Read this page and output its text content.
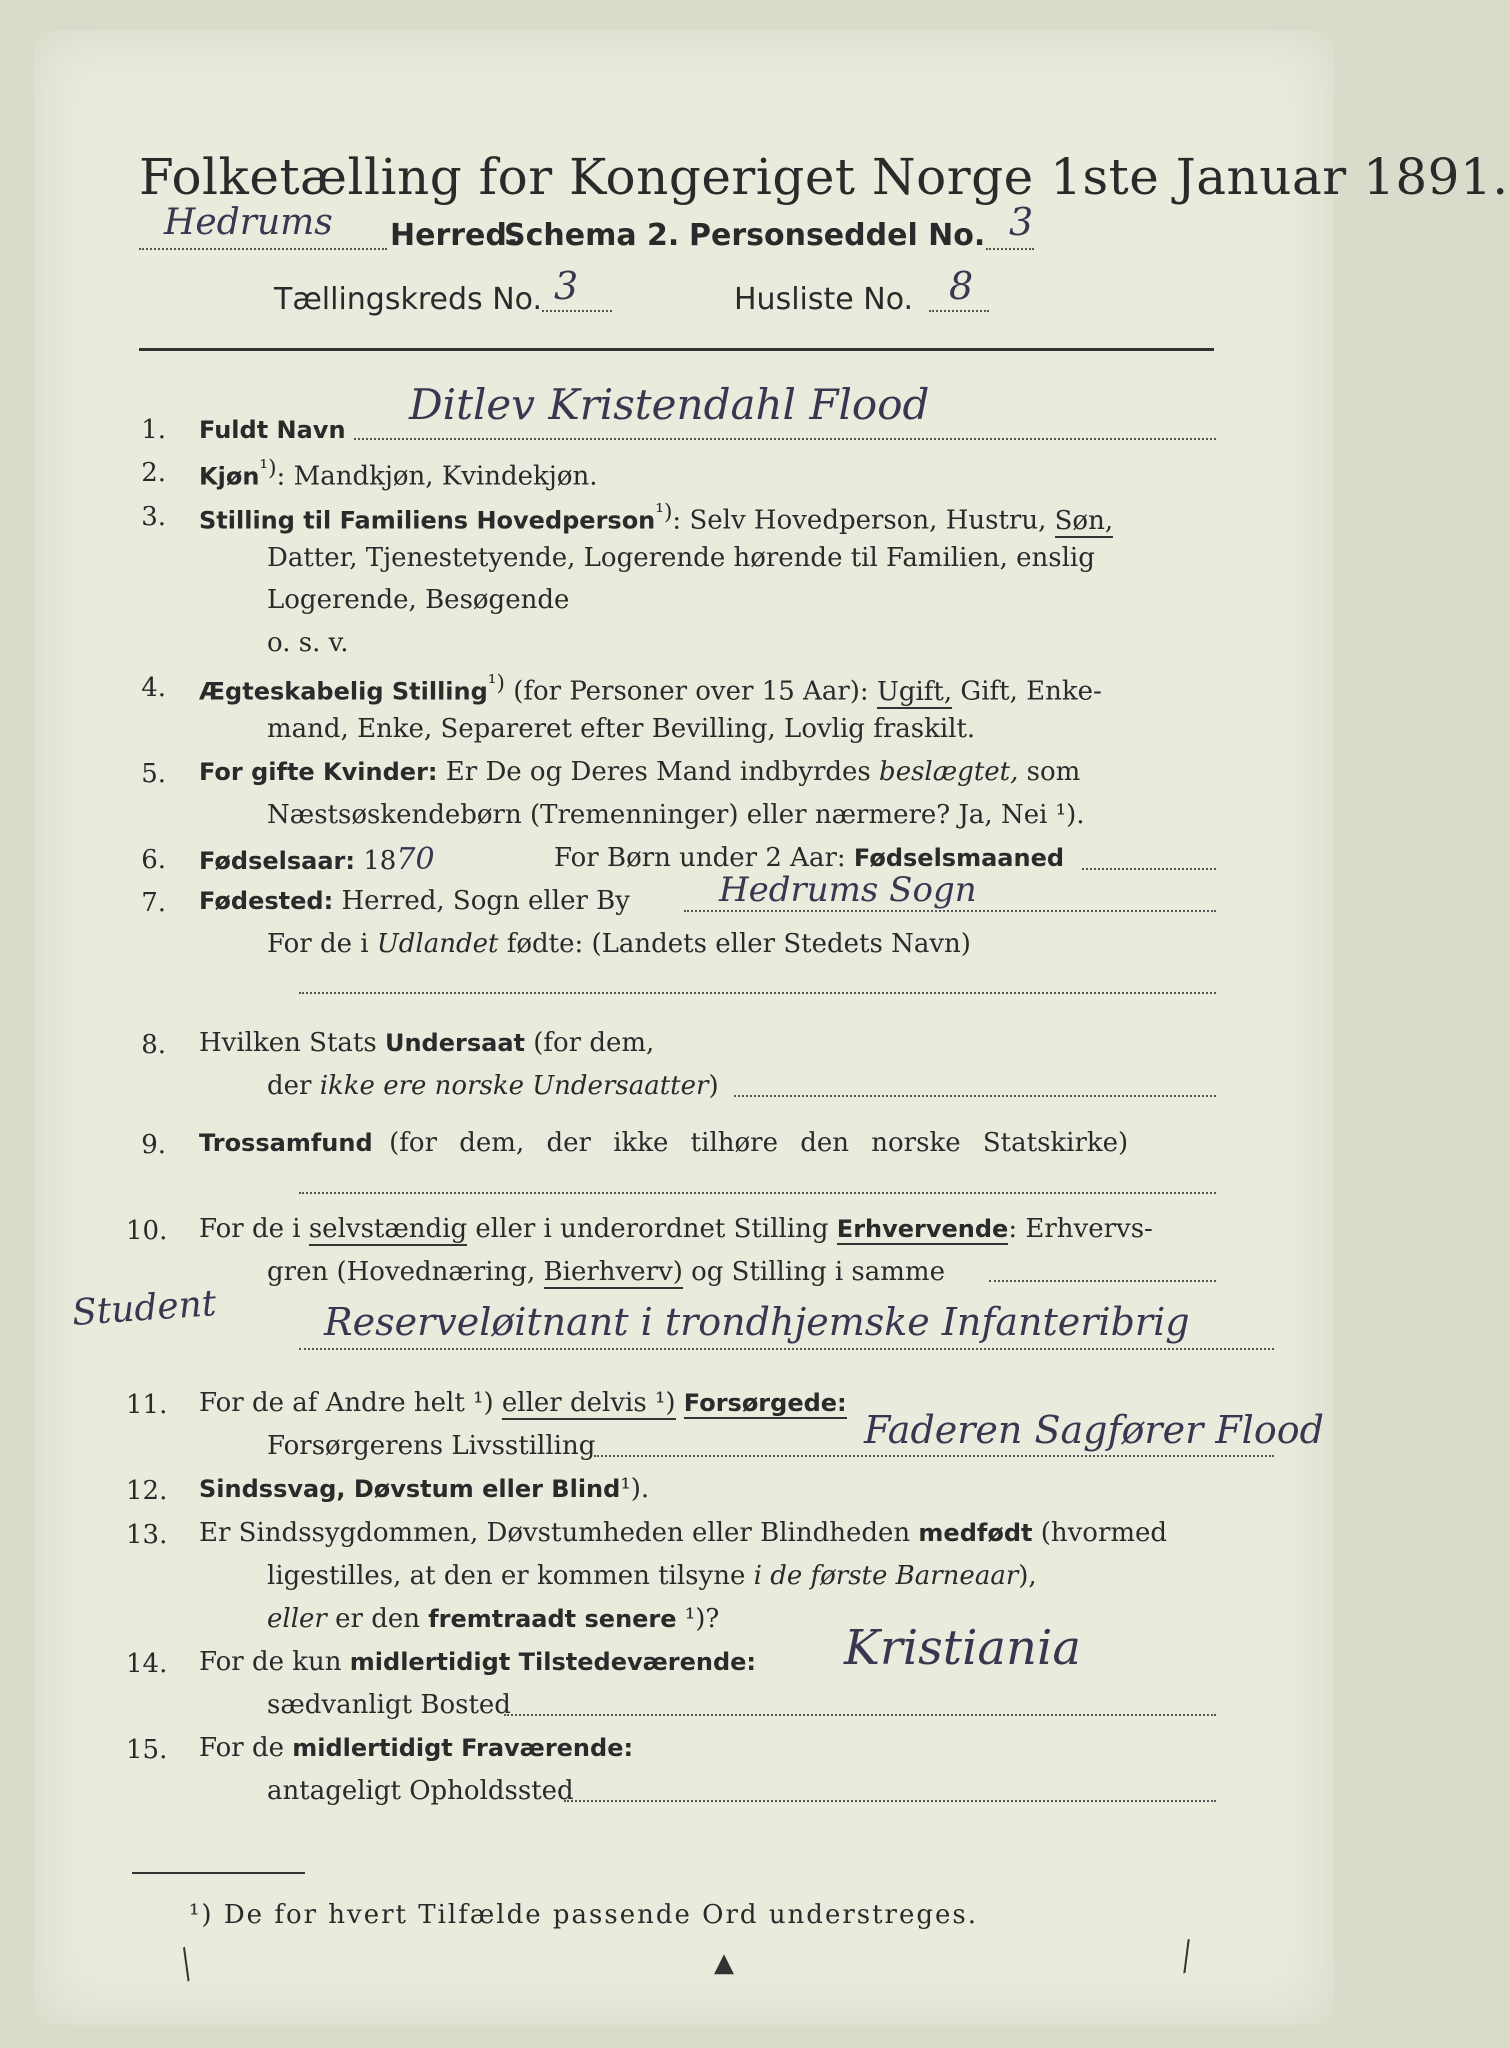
Folketælling for Kongeriget Norge 1ste Januar 1891.
Hedrums Herred.
Schema 2. Personseddel No. 3
Tællingskreds No. 3	Husliste No. 8
1. Fuldt Navn
Ditlev Kristendahl Flood
2. Kjøn$^{^1)}$: Mandkjøn, Kvindekjøn.
3. Stilling til Familiens Hovedperson$^{^1)}$: Selv Hovedperson, Hustru, Søn,
Datter, Tjenestetyende, Logerende hørende til Familien, enslig
Logerende, Besøgende
o. s. v.
4. Ægteskabelig Stilling$^{^1)}$ (for Personer over 15 Aar): Ugift, Gift, Enke-
mand, Enke, Separeret efter Bevilling, Lovlig fraskilt.
5. For gifte Kvinder: Er De og Deres Mand indbyrdes beslægtet, som
Næstsøskendebørn (Tremenninger) eller nærmere? Ja, Nei ¹).
6. Fødselsaar: 1870	For Børn under 2 Aar: Fødselsmaaned
7. Fødested: Herred, Sogn eller By	Hedrums Sogn
For de i Udlandet fødte: (Landets eller Stedets Navn)
8. Hvilken Stats Undersaat (for dem,
der ikke ere norske Undersaatter)
9. Trossamfund (for dem, der ikke tilhøre den norske Statskirke)
10. For de i selvstændig eller i underordnet Stilling Erhvervende: Erhvervs-
gren (Hovednæring, Bierhverv) og Stilling i samme
Student	Reserveløitnant i trondhjemske Infanteribrig
11. For de af Andre helt ¹) eller delvis ¹) Forsørgede:
Forsørgerens Livsstilling	Faderen Sagfører Flood
12. Sindssvag, Døvstum eller Blind¹).
13. Er Sindssygdommen, Døvstumheden eller Blindheden medfødt (hvormed
ligestilles, at den er kommen tilsyne i de første Barneaar),
eller er den fremtraadt senere ¹)?
14. For de kun midlertidigt Tilstedeværende: Kristiania
sædvanligt Bosted
15. For de midlertidigt Fraværende:
antageligt Opholdssted
¹) De for hvert Tilfælde passende Ord understreges.
╱	▲	╱
